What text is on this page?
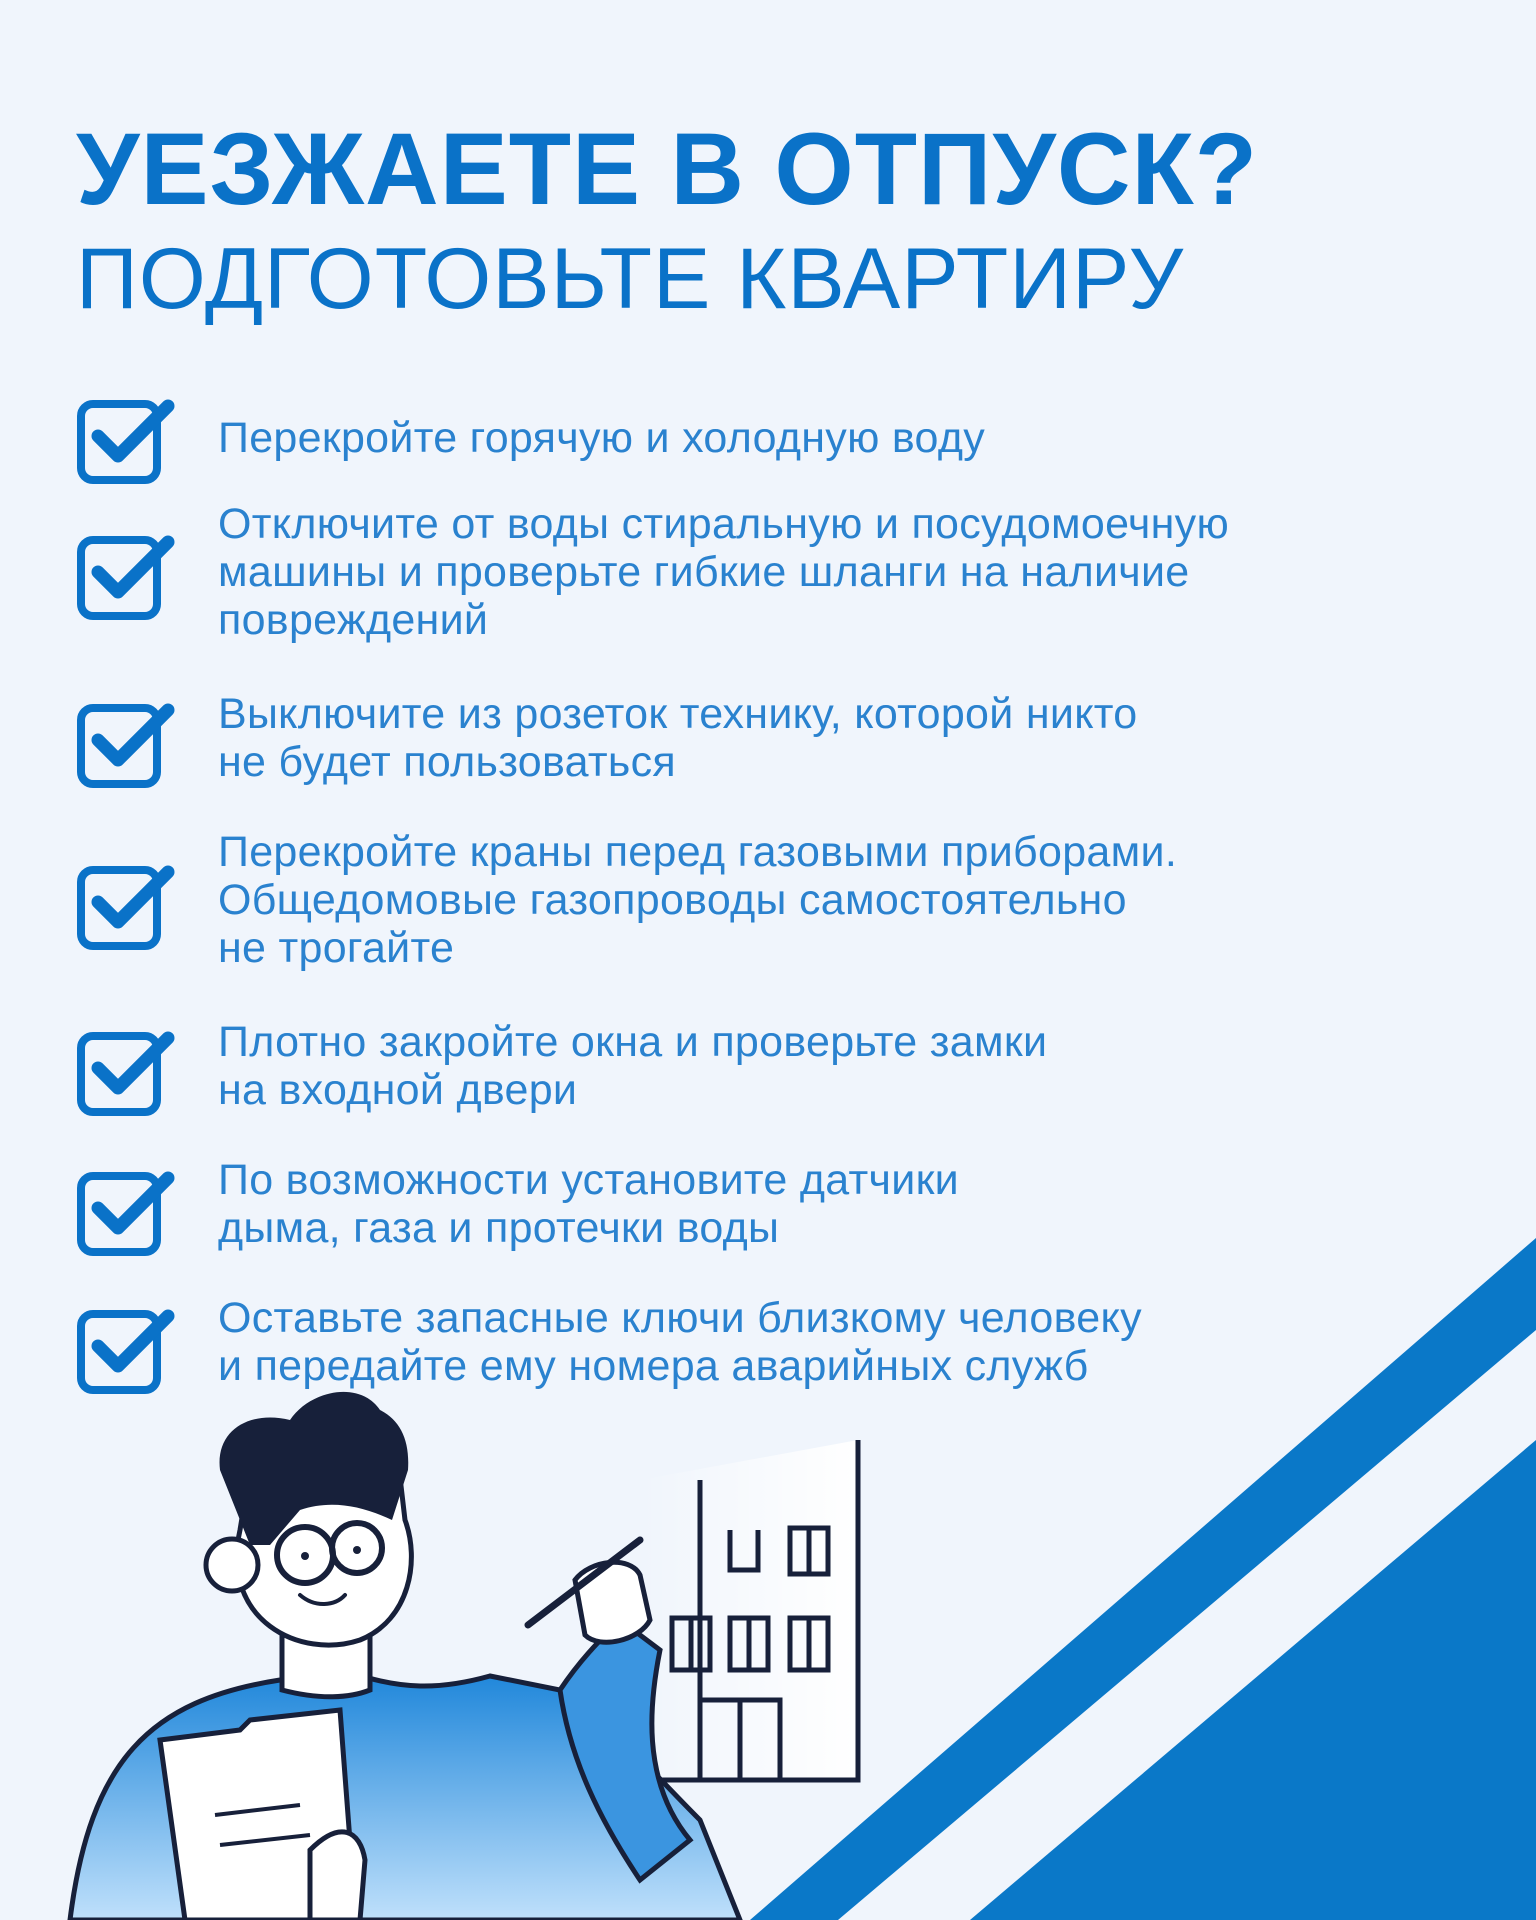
УЕЗЖАЕТЕ В ОТПУСК?
ПОДГОТОВЬТЕ КВАРТИРУ
Перекройте горячую и холодную воду
Отключите от воды стиральную и посудомоечную
машины и проверьте гибкие шланги на наличие
повреждений
Выключите из розеток технику, которой никто
не будет пользоваться
Перекройте краны перед газовыми приборами.
Общедомовые газопроводы самостоятельно
не трогайте
Плотно закройте окна и проверьте замки
на входной двери
По возможности установите датчики
дыма, газа и протечки воды
Оставьте запасные ключи близкому человеку
и передайте ему номера аварийных служб
